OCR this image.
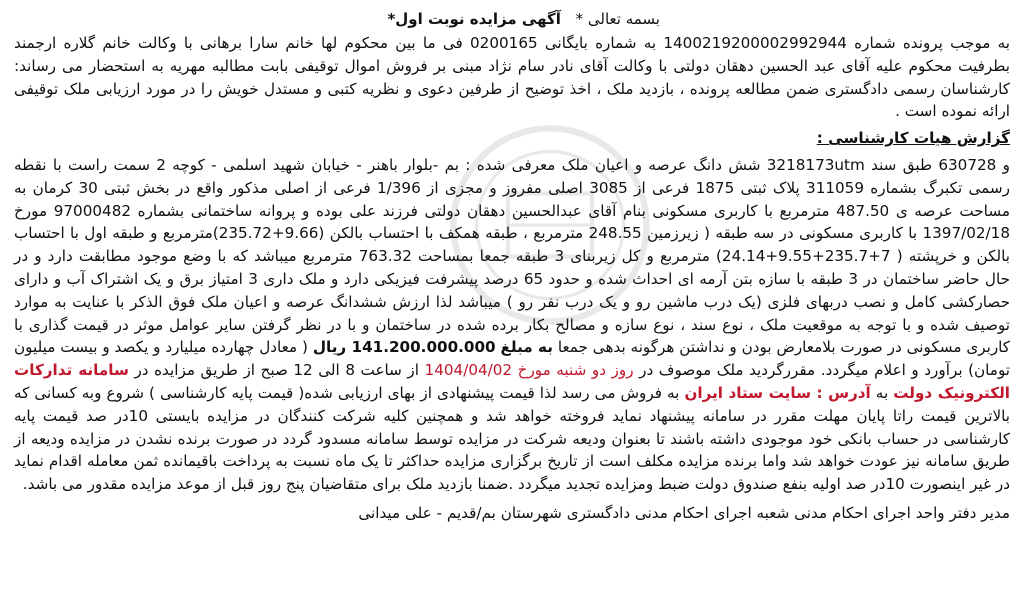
بسمه تعالی * آگهی مزایده نوبت اول*

به موجب پرونده شماره 14002192000029929​44 به شماره بایگانی 0200165 فی ما بین محکوم لها خانم سارا برهانی با وکالت خانم گلاره ارجمند بطرفیت محکوم علیه آقای عبد الحسین دهقان دولتی با وکالت آقای نادر سام نژاد مبنی بر فروش اموال توقیفی بابت مطالبه مهریه به استحضار می رساند: کارشناسان رسمی دادگستری ضمن مطالعه پرونده ، بازدید ملک ، اخذ توضیح از طرفین دعوی و نظریه کتبی و مستدل خویش را در مورد ارزیابی ملک توقیفی ارائه نموده است .

گزارش هیات کارشناسی :

و 630728 طبق سند 3218173utm شش دانگ عرصه و اعیان ملک معرفی شده : بم -بلوار باهنر - خیابان شهید اسلمی - کوچه 2 سمت راست با نقطه رسمی تکبرگ بشماره 311059 پلاک ثبتی 1875 فرعی از 3085 اصلی مفروز و مجزی از 1/396 فرعی از اصلی مذکور واقع در بخش ثبتی 30 کرمان به مساحت عرصه ی 487.50 مترمربع با کاربری مسکونی بنام آقای عبدالحسین دهقان دولتی فرزند علی بوده و پروانه ساختمانی بشماره 97000482 مورخ 1397/02/18 با کاربری مسکونی در سه طبقه ( زیرزمین 248.55 مترمربع ، طبقه همکف با احتساب بالکن (9.66+235.72)مترمربع و طبقه اول با احتساب بالکن و خرپشته ( 7+235.7+9.55+24.14) مترمربع و کل زیربنای 3 طبقه جمعا بمساحت 763.32 مترمربع میباشد که با وضع موجود مطابقت دارد و در حال حاضر ساختمان در 3 طبقه با سازه بتن آرمه ای احداث شده و حدود 65 درصد پیشرفت فیزیکی دارد و ملک داری 3 امتیاز برق و یک اشتراک آب و دارای حصارکشی کامل و نصب دربهای فلزی (یک درب ماشین رو و یک درب نفر رو ) میباشد لذا ارزش ششدانگ عرصه و اعیان ملک فوق الذکر با عنایت به موارد توصیف شده و با توجه به موقعیت ملک ، نوع سند ، نوع سازه و مصالح بکار برده شده در ساختمان و با در نظر گرفتن سایر عوامل موثر در قیمت گذاری با کاربری مسکونی در صورت بلامعارض بودن و نداشتن هرگونه بدهی جمعا به مبلغ 141.200.000.000 ریال ( معادل چهارده میلیارد و یکصد و بیست میلیون تومان) برآورد و اعلام میگردد. مقررگردید ملک موصوف در روز دو شنبه مورخ 1404/04/02 از ساعت 8 الی 12 صبح از طریق مزایده در سامانه تدارکات الکترونیک دولت به آدرس : سایت ستاد ایران به فروش می رسد لذا قیمت پیشنهادی از بهای ارزیابی شده( قیمت پایه کارشناسی ) شروع وبه کسانی که بالاترین قیمت راتا پایان مهلت مقرر در سامانه پیشنهاد نماید فروخته خواهد شد و همچنین کلیه شرکت کنندگان در مزایده بایستی 10در صد قیمت پایه کارشناسی در حساب بانکی خود موجودی داشته باشند تا بعنوان ودیعه شرکت در مزایده توسط سامانه مسدود گردد در صورت برنده نشدن در مزایده ودیعه از طریق سامانه نیز عودت خواهد شد واما برنده مزایده مکلف است از تاریخ برگزاری مزایده حداکثر تا یک ماه نسبت به پرداخت باقیمانده ثمن معامله اقدام نماید در غیر اینصورت 10در صد اولیه بنفع صندوق دولت ضبط ومزایده تجدید میگردد .ضمنا بازدید ملک برای متقاضیان پنج روز قبل از موعد مزایده مقدور می باشد.

مدیر دفتر واحد اجرای احکام مدنی شعبه اجرای احکام مدنی دادگستری شهرستان بم/قدیم - علی میدانی
